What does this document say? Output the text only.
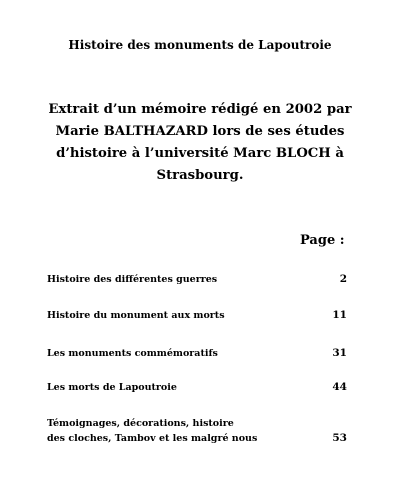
Histoire des monuments de Lapoutroie
Extrait d’un mémoire rédigé en 2002 par
Marie BALTHAZARD lors de ses études
d’histoire à l’université Marc BLOCH à
Strasbourg.
Page :
Histoire des différentes guerres	2
Histoire du monument aux morts	11
Les monuments commémoratifs	31
Les morts de Lapoutroie	44
Témoignages, décorations, histoire
des cloches, Tambov et les malgré nous	53
